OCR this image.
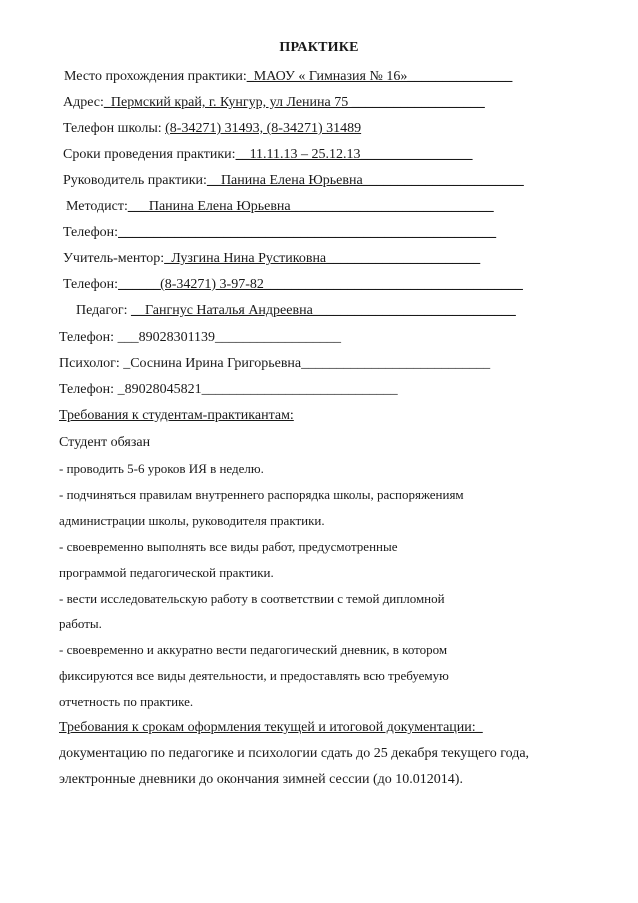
ПРАКТИКЕ
Место прохождения практики:_МАОУ « Гимназия № 16»_______________
Адрес:_Пермский край, г. Кунгур, ул Ленина 75 ___________________
Телефон школы: (8-34271) 31493, (8-34271) 31489
Сроки проведения практики:__11.11.13 – 25.12.13________________
Руководитель практики:__Панина Елена Юрьевна_______________________
Методист:___Панина Елена Юрьевна_____________________________
Телефон:______________________________________________________
Учитель-ментор:_Лузгина Нина Рустиковна______________________
Телефон:______(8-34271) 3-97-82_____________________________________
Педагог: __Гангнус Наталья Андреевна_____________________________
Телефон: ___89028301139__________________
Психолог: _Соснина Ирина Григорьевна___________________________
Телефон: _89028045821____________________________
Требования к студентам-практикантам:
Студент обязан
- проводить 5-6 уроков ИЯ в неделю.
- подчиняться правилам внутреннего распорядка школы, распоряжениям
администрации школы, руководителя практики.
- своевременно выполнять все виды работ, предусмотренные
программой педагогической практики.
- вести исследовательскую работу в соответствии с темой дипломной
работы.
- своевременно и аккуратно вести педагогический дневник, в котором
фиксируются все виды деятельности, и предоставлять всю требуемую
отчетность по практике.
Требования к срокам оформления текущей и итоговой документации:_
документацию по педагогике и психологии сдать до 25 декабря текущего года,
электронные дневники до окончания зимней сессии (до 10.012014).
